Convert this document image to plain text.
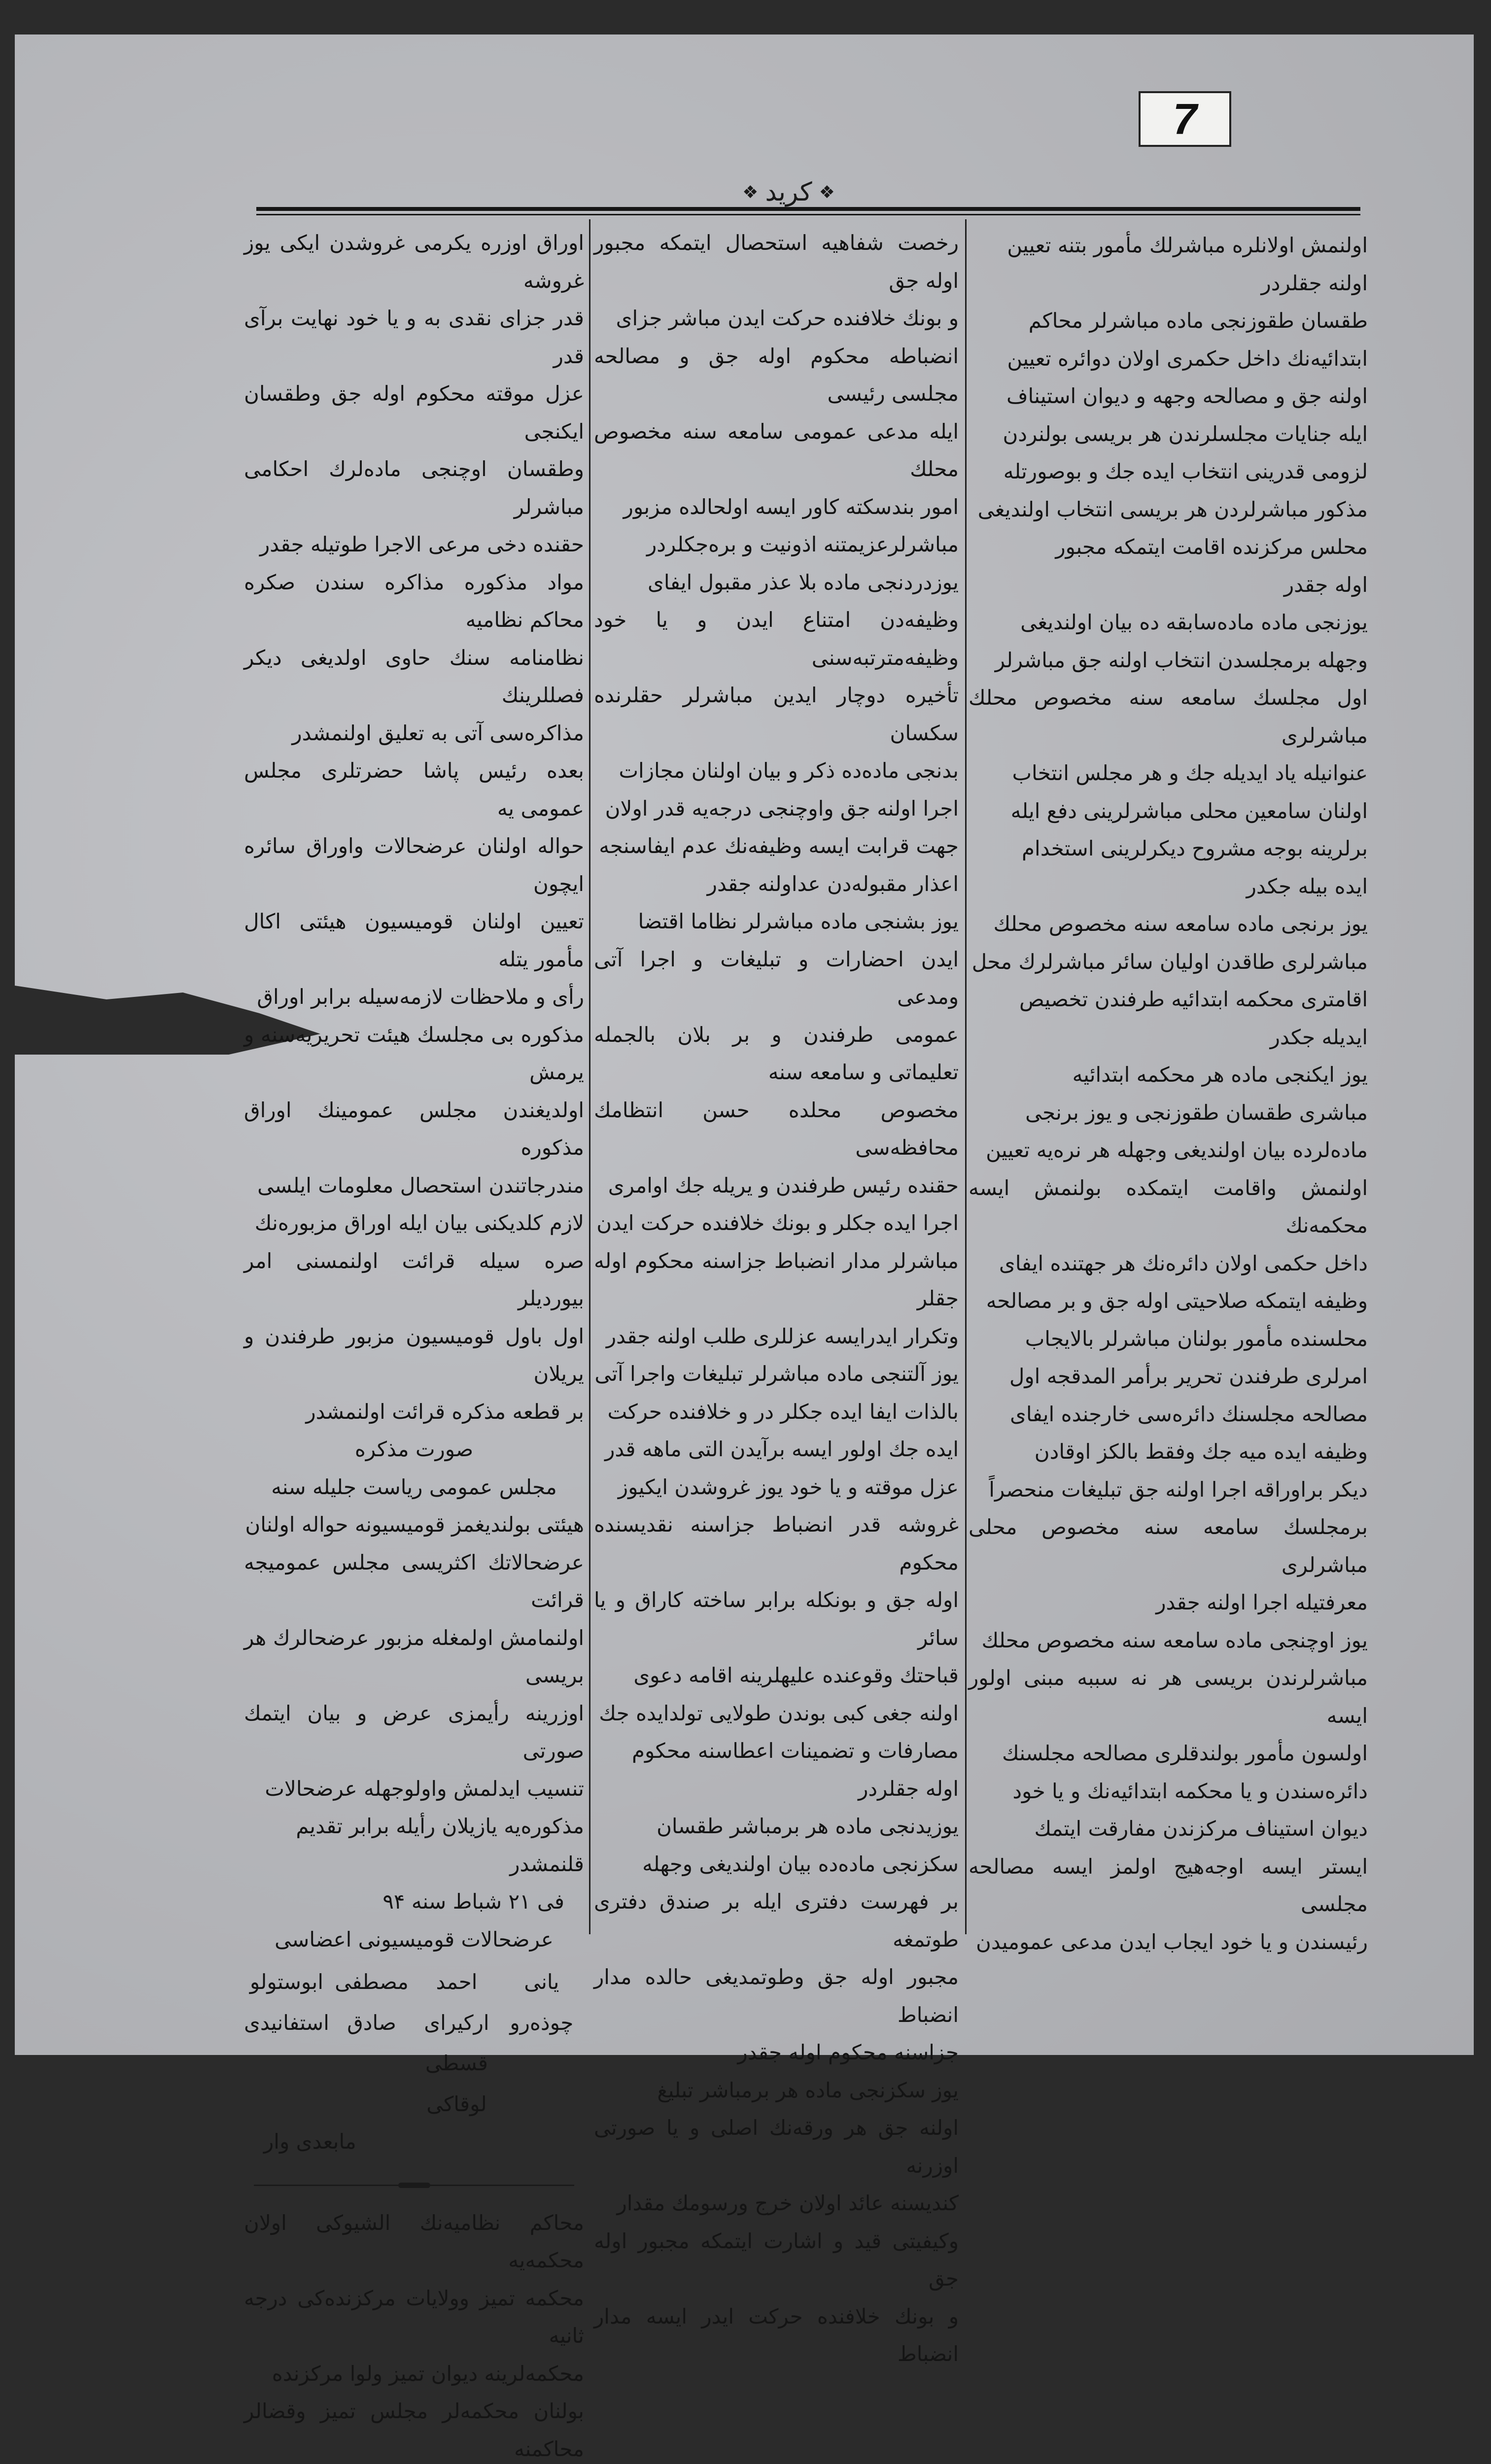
7
❖
کرید
❖

اولنمش اولانلره مباشرلك مأمور بتنه تعيين

اولنه جقلردر

طقسان طقوزنجی ماده مباشرلر محاكم

ابتدائیه‌نك داخل حكمری اولان دوائره تعيين

اولنه جق و مصالحه وجهه و دیوان استيناف

ايله جنايات مجلسلرندن هر بريسی بولنردن

لزومی قدرینی انتخاب ایده جك و بوصورتله

مذكور مباشرلردن هر بریسی انتخاب اولندیغی

محلس مركزنده اقامت ایتمكه مجبور

اوله جقدر

يوزنجی ماده ماده‌سابقه ده بيان اولندیغی

وجهله برمجلسدن انتخاب اولنه جق مباشرلر

اول مجلسك سامعه سنه مخصوص محلك مباشرلری

عنوانيله ياد ایدیله جك و هر مجلس انتخاب

اولنان سامعین محلی مباشرلرینی دفع ایله

برلرینه بوجه مشروح دیكرلرینی استخدام

ایده بيله جكدر

يوز برنجی ماده سامعه سنه مخصوص محلك

مباشرلری طاقدن اولیان سائر مباشرلرك محل

اقامتری محكمه ابتدائیه طرفندن تخصیص

ایدیله جكدر

يوز ایكنجی ماده هر محكمه ابتدائیه

مباشری طقسان طقوزنجی و يوز برنجی

ماده‌لرده بيان اولندیغی وجهله هر نره‌یه تعيين

اولنمش واقامت ایتمكده بولنمش ایسه محكمه‌نك

داخل حكمی اولان دائره‌نك هر جهتنده ایفای

وظیفه ایتمكه صلاحیتی اوله جق و بر مصالحه

محلسنده مأمور بولنان مباشرلر بالایجاب

امرلری طرفندن تحریر برأمر المدقجه اول

مصالحه مجلسنك دائره‌سی خارجنده ایفای

وظیفه ایده میه جك وفقط بالكز اوقادن

دیكر براوراقه اجرا اولنه جق تبلیغات منحصراً

برمجلسك سامعه سنه مخصوص محلی مباشرلری

معرفتیله اجرا اولنه جقدر

يوز اوچنجی ماده سامعه سنه مخصوص محلك

مباشرلرندن بريسی هر نه سببه مبنی اولور ایسه

اولسون مأمور بولندقلری مصالحه مجلسنك

دائره‌سندن و یا محكمه ابتدائیه‌نك و یا خود

دیوان استيناف مركزندن مفارقت ایتمك

ایستر ایسه اوجه‌هيج اولمز ایسه مصالحه مجلسی

رئيسندن و یا خود ايجاب ايدن مدعی عمومیدن

رخصت شفاهیه استحصال ایتمكه مجبور اوله جق

و بونك خلافنده حركت ايدن مباشر جزای

انضباطه محكوم اوله جق و مصالحه مجلسی رئیسی

ايله مدعی عمومی سامعه سنه مخصوص محلك

امور بندسكته كاور ايسه اولحالده مزبور

مباشرلرعزيمتنه اذونيت و بره‌جكلردر

يوزدردنجی ماده بلا عذر مقبول ایفای

وظیفه‌دن امتناع ایدن و یا خود وظیفه‌مترتبه‌سنی

تأخیره دوچار ایدين مباشرلر حقلرنده سكسان

بدنجی ماده‌ده ذكر و بيان اولنان مجازات

اجرا اولنه جق واوچنجی درجه‌یه قدر اولان

جهت قرابت ایسه وظیفه‌نك عدم ایفاسنجه

اعذار مقبوله‌دن عداولنه جقدر

يوز بشنجی ماده مباشرلر نظاما اقتضا

ايدن احضارات و تبليغات و اجرا آتی ومدعی

عمومی طرفندن و بر بلان بالجمله تعليماتی و سامعه سنه

مخصوص محلده حسن انتظامك محافظه‌سی

حقنده رئيس طرفندن و يريله جك اوامری

اجرا ايده جكلر و بونك خلافنده حركت ايدن

مباشرلر مدار انضباط جزاسنه محكوم اوله جقلر

وتكرار ایدرایسه عزللری طلب اولنه جقدر

يوز آلتنجی ماده مباشرلر تبليغات واجرا آتی

بالذات ایفا ایده جكلر در و خلافنده حركت

ايده جك اولور ایسه برآیدن التی ماهه قدر

عزل موقته و یا خود يوز غروشدن ایكیوز

غروشه قدر انضباط جزاسنه نقدیسنده محكوم

اوله جق و بونكله برابر ساخته كاراق و یا سائر

قباحتك وقوعنده علیهلرینه اقامه دعوی

اولنه جغی كبی بوندن طولايی تولدایده جك

مصارفات و تضمينات اعطاسنه محكوم

اوله جقلردر

يوزیدنجی ماده هر برمباشر طقسان

سكزنجی ماده‌ده بيان اولندیغی وجهله

بر فهرست دفتری ايله بر صندق دفتری طوتمغه

مجبور اوله جق وطوتمدیغی حالده مدار انضباط

جزاسنه محكوم اوله جقدر

يوز سكزنجی ماده هر برمباشر تبليغ

اولنه جق هر ورقه‌نك اصلی و یا صورتی اوزرنه

كندیسنه عائد اولان خرج ورسومك مقدار

وكيفيتی قيد و اشارت ايتمكه مجبور اوله جق

و بونك خلافنده حركت ايدر ايسه مدار انضباط

اوراق اوزره یكرمی غروشدن ايكی يوز غروشه

قدر جزای نقدی به و یا خود نهایت برآی قدر

عزل موقته محكوم اوله جق وطقسان ایكنجی

وطقسان اوچنجی ماده‌لرك احكامی مباشرلر

حقنده دخی مرعی الاجرا طوتیله جقدر

مواد مذكوره مذاكره سندن صكره محاكم نظاميه

نظامنامه سنك حاوی اولدیغی دیكر فصللرینك

مذاكره‌سی آتی به تعليق اولنمشدر

بعده رئيس پاشا حضرتلری مجلس عمومی یه

حواله اولنان عرضحالات واوراق سائره ايچون

تعيين اولنان قوميسيون هيئتی اكال مأمور يتله

رأی و ملاحظات لازمه‌سیله برابر اوراق

مذكوره بی مجلسك هيئت تحريريه‌سنه و يرمش

اولدیغندن مجلس عمومينك اوراق مذكوره

مندرجاتندن استحصال معلومات ايلسی

لازم كلدیكنی بيان ايله اوراق مزبوره‌نك

صره سیله قرائت اولنمسنی امر بيوردیلر

اول باول قوميسيون مزبور طرفندن و يريلان

بر قطعه مذكره قرائت اولنمشدر

صورت مذكره

مجلس عمومی رياست جليله سنه

هيئتی بولندیغمز قوميسيونه حواله اولنان

عرضحالاتك اكثريسی مجلس عموميجه قرائت

اولنمامش اولمغله مزبور عرضحالرك هر بريسی

اوزرینه رأيمزی عرض و بيان ايتمك صورتی

تنسيب ایدلمش واولوجهله عرضحالات

مذكوره‌يه يازيلان رأيله برابر تقديم

قلنمشدر

فی ۲۱ شباط سنه ۹۴

عرضحالات قوميسيونی اعضاسی

يانی
احمد
مصطفی
ابوستولو
چوذه‌رو
اركيرای
صادق
استفانیدی
قسطی
لوقاكی

مابعدی وار

محاكم نظاميه‌نك الشيوكی اولان محكمه‌یه

محكمه تمیز وولايات مركزنده‌كی درجه ثانیه

محكمه‌لرینه دیوان تمیز ولوا مركزنده

بولنان محكمه‌لر مجلس تمیز وقضالر محاكمنه
